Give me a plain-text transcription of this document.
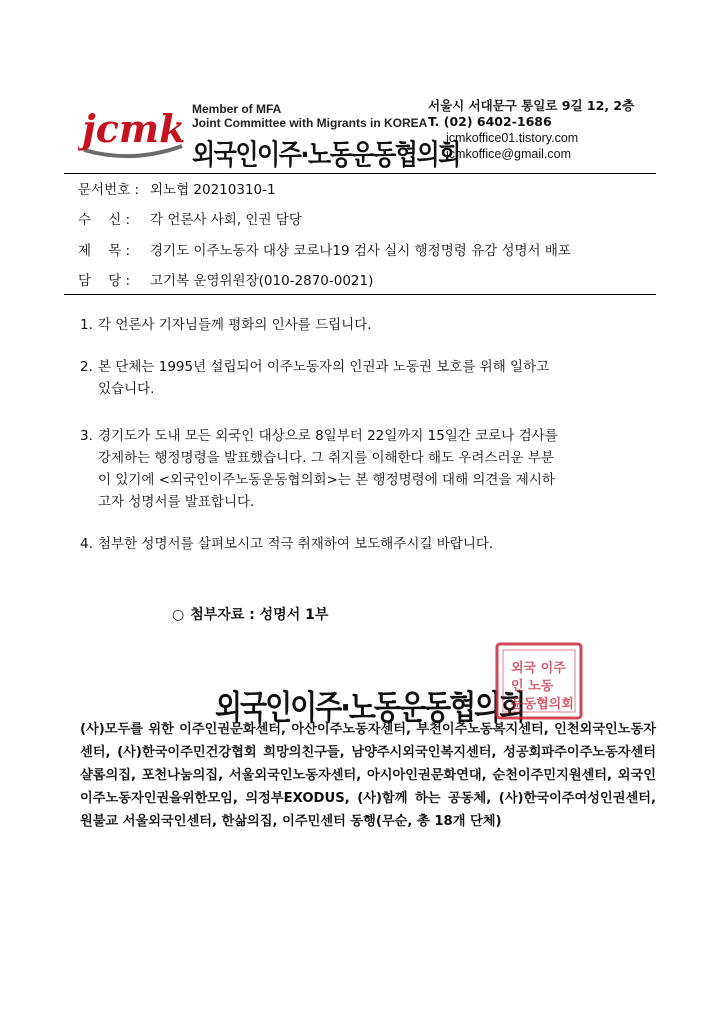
jcmk Member of MFA
Joint Committee with Migrants in KOREA
외국인이주·노동운동협의회
서울시 서대문구 통일로 9길 12, 2층
T. (02) 6402-1686
jcmkoffice01.tistory.com
jcmkoffice@gmail.com
문서번호 : 외노협 20210310-1
수    신 : 각 언론사 사회, 인권 담당
제    목 : 경기도 이주노동자 대상 코로나19 검사 실시 행정명령 유감 성명서 배포
담    당 : 고기복 운영위원장(010-2870-0021)
1. 각 언론사 기자님들께 평화의 인사를 드립니다.
2. 본 단체는 1995년 설립되어 이주노동자의 인권과 노동권 보호를 위해 일하고
있습니다.
3. 경기도가 도내 모든 외국인 대상으로 8일부터 22일까지 15일간 코로나 검사를
강제하는 행정명령을 발표했습니다. 그 취지를 이해한다 해도 우려스러운 부분
이 있기에 <외국인이주노동운동협의회>는 본 행정명령에 대해 의견을 제시하
고자 성명서를 발표합니다.
4. 첨부한 성명서를 살펴보시고 적극 취재하여 보도해주시길 바랍니다.
○ 첨부자료 : 성명서 1부
외국인이주·노동운동협의회
외국 이주
인 노동
운동협의회
(사)모두를 위한 이주인권문화센터, 아산이주노동자센터, 부천이주노동복지센터, 인천외국인노동자센터, (사)한국이주민건강협회 희망의친구들, 남양주시외국인복지센터, 성공회파주이주노동자센터 샬롬의집, 포천나눔의집, 서울외국인노동자센터, 아시아인권문화연대, 순천이주민지원센터, 외국인이주노동자인권을위한모임, 의정부EXODUS, (사)함께 하는 공동체, (사)한국이주여성인권센터, 원불교 서울외국인센터, 한삶의집, 이주민센터 동행(무순, 총 18개 단체)
